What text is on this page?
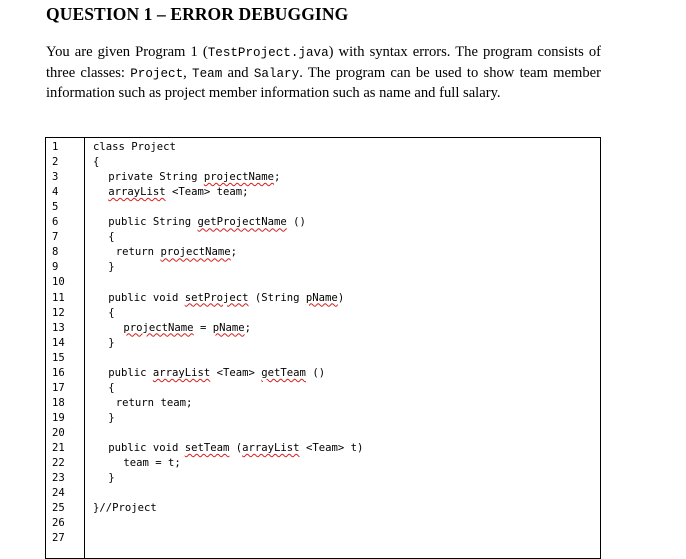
QUESTION 1 – ERROR DEBUGGING
You are given Program 1 (TestProject.java) with syntax errors. The program consists of three classes: Project, Team and Salary. The program can be used to show team member information such as project member information such as name and full salary.
1	class Project
2	{
3	private String projectName;
4	arrayList <Team> team;
5
6	public String getProjectName ()
7	{
8	return projectName;
9	}
10
11	public void setProject (String pName)
12	{
13	projectName = pName;
14	}
15
16	public arrayList <Team> getTeam ()
17	{
18	return team;
19	}
20
21	public void setTeam (arrayList <Team> t)
22	team = t;
23	}
24
25	}//Project
26
27
